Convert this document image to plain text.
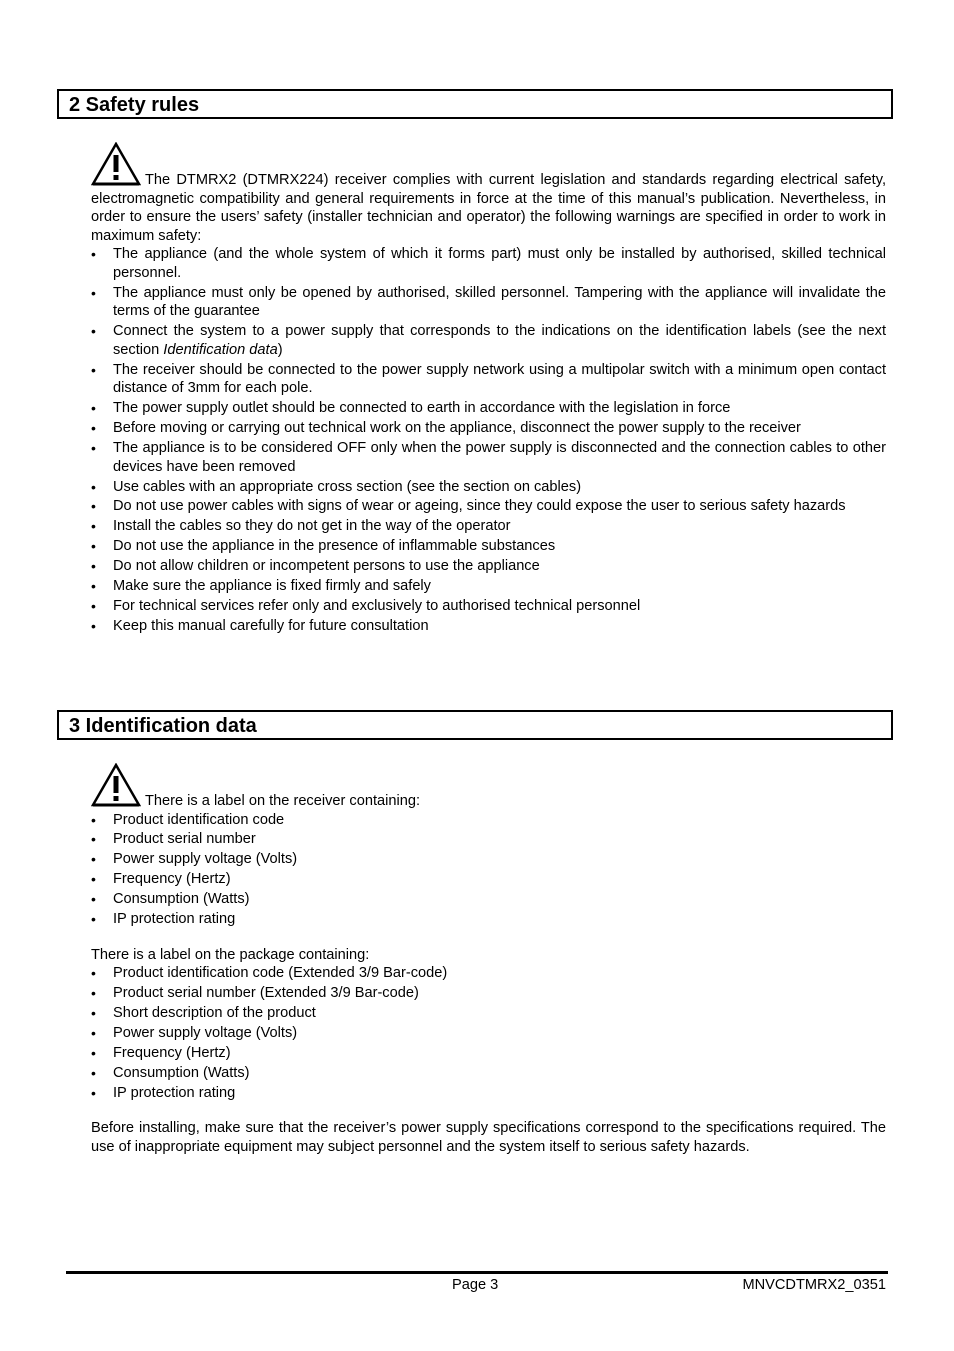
2 Safety rules

The DTMRX2 (DTMRX224) receiver complies with current legislation and standards regarding electrical safety, electromagnetic compatibility and general requirements in force at the time of this manual’s publication. Nevertheless, in order to ensure the users’ safety (installer technician and operator) the following warnings are specified in order to work in maximum safety:

• The appliance (and the whole system of which it forms part) must only be installed by authorised, skilled technical personnel.
• The appliance must only be opened by authorised, skilled personnel. Tampering with the appliance will invalidate the terms of the guarantee
• Connect the system to a power supply that corresponds to the indications on the identification labels (see the next section Identification data)
• The receiver should be connected to the power supply network using a multipolar switch with a minimum open contact distance of 3mm for each pole.
• The power supply outlet should be connected to earth in accordance with the legislation in force
• Before moving or carrying out technical work on the appliance, disconnect the power supply to the receiver
• The appliance is to be considered OFF only when the power supply is disconnected and the connection cables to other devices have been removed
• Use cables with an appropriate cross section (see the section on cables)
• Do not use power cables with signs of wear or ageing, since they could expose the user to serious safety hazards
• Install the cables so they do not get in the way of the operator
• Do not use the appliance in the presence of inflammable substances
• Do not allow children or incompetent persons to use the appliance
• Make sure the appliance is fixed firmly and safely
• For technical services refer only and exclusively to authorised technical personnel
• Keep this manual carefully for future consultation
3 Identification data

There is a label on the receiver containing:

• Product identification code
• Product serial number
• Power supply voltage (Volts)
• Frequency (Hertz)
• Consumption (Watts)
• IP protection rating

There is a label on the package containing:

• Product identification code (Extended 3/9 Bar-code)
• Product serial number (Extended 3/9 Bar-code)
• Short description of the product
• Power supply voltage (Volts)
• Frequency (Hertz)
• Consumption (Watts)
• IP protection rating

Before installing, make sure that the receiver’s power supply specifications correspond to the specifications required. The use of inappropriate equipment may subject personnel and the system itself to serious safety hazards.

Page 3	MNVCDTMRX2_0351
